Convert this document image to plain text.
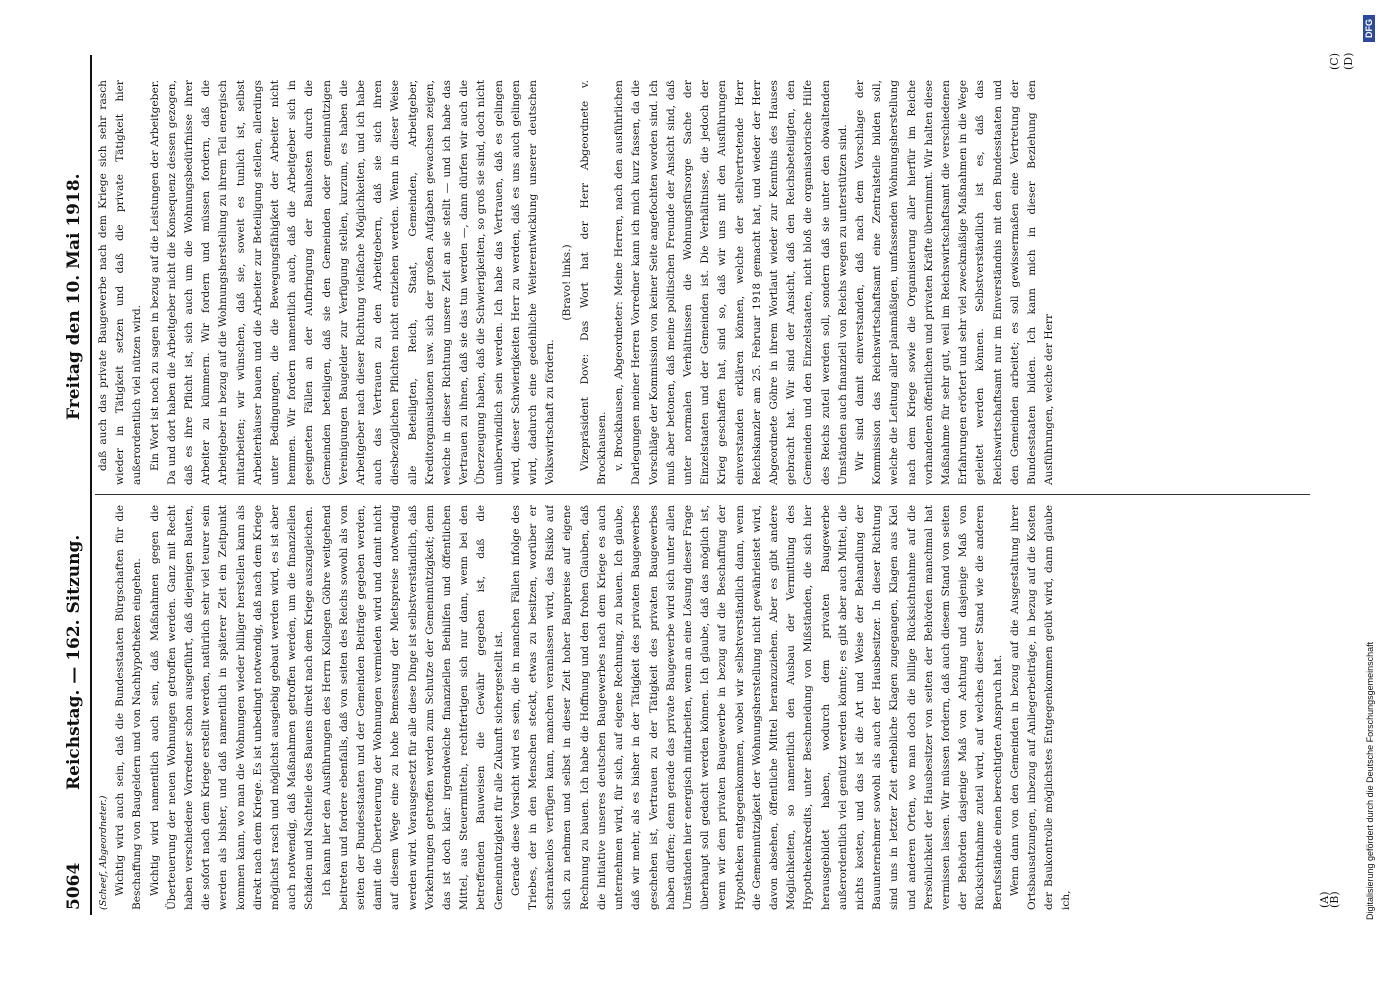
5064
Reichstag. — 162. Sitzung.
Freitag den 10. Mai 1918.
(A)

(Scheef, Abgeordneter.) Wichtig wird auch sein, daß die Bundesstaaten Bürgschaften für die Beschaffung von Baugeldern und von Nachhypotheken eingehen. Wichtig wird namentlich auch sein, daß Maßnahmen gegen die Überteuerung der neuen Wohnungen getroffen werden. Ganz mit Recht haben verschiedene Vorredner schon ausgeführt, daß diejenigen Bauten, die sofort nach dem Kriege erstellt werden, natürlich sehr viel teurer sein werden als bisher, und daß namentlich in späterer Zeit ein Zeitpunkt kommen kann, wo man die Wohnungen wieder billiger herstellen kann als direkt nach dem Kriege. Es ist unbedingt notwendig, daß nach dem Kriege möglichst rasch und möglichst ausgiebig gebaut werden wird, es ist aber auch notwendig, daß Maßnahmen getroffen werden, um die finanziellen Schäden und Nachteile des Bauens direkt nach dem Kriege auszugleichen. Ich kann hier den Ausführungen des Herrn Kollegen Göhre weitgehend beitreten und fordere ebenfalls, daß von seiten des Reichs sowohl als von seiten der Bundesstaaten und der Gemeinden Beiträge gegeben werden, damit die Überteuerung der Wohnungen vermieden wird und damit nicht auf diesem Wege eine zu hohe Bemessung der Mietspreise notwendig werden wird. Vorausgesetzt für alle diese Dinge ist selbstverständlich, daß Vorkehrungen getroffen werden zum Schutze der Gemeinnützigkeit; denn das ist doch klar: irgendwelche finanziellen Beihilfen und öffentlichen Mittel, aus Steuermitteln, rechtfertigen sich nur dann, wenn bei den betreffenden Bauweisen die Gewähr gegeben ist, daß die Gemeinnützigkeit für alle Zukunft sichergestellt ist. Gerade diese Vorsicht wird es sein, die in manchen Fällen infolge des Triebes, der in den Menschen steckt, etwas zu besitzen, worüber er schrankenlos verfügen kann, manchen veranlassen wird, das Risiko auf sich zu nehmen und selbst in dieser Zeit hoher Baupreise auf eigene Rechnung zu bauen. Ich habe die Hoffnung und den frohen Glauben, daß die Initiative unseres deutschen Baugewerbes nach dem Kriege es auch unternehmen wird, für sich, auf eigene Rechnung, zu bauen. Ich glaube, daß wir mehr, als es bisher in der Tätigkeit des privaten Baugewerbes geschehen ist, Vertrauen zu der Tätigkeit des privaten Baugewerbes haben dürfen; denn gerade das private Baugewerbe wird sich unter allen Umständen hier energisch mitarbeiten, wenn an eine Lösung dieser Frage überhaupt soll gedacht werden können. Ich glaube, daß das möglich ist, wenn wir dem privaten Baugewerbe in bezug auf die Beschaffung der Hypotheken entgegenkommen, wobei wir selbstverständlich dann, wenn die Gemeinnützigkeit der Wohnungsherstellung nicht gewährleistet wird, davon absehen, öffentliche Mittel heranzuziehen. Aber es gibt andere Möglichkeiten, so namentlich den Ausbau der Vermittlung des Hypothekenkredits, unter Beschneidung von Mißständen, die sich hier herausgebildet haben, wodurch dem privaten Baugewerbe außerordentlich viel genützt werden könnte; es gibt aber auch Mittel, die nichts kosten, und das ist die Art und Weise der Behandlung der Bauunternehmer sowohl als auch der Hausbesitzer. In dieser Richtung sind uns in letzter Zeit erhebliche Klagen zugegangen, Klagen aus Kiel und anderen Orten, wo man doch die billige Rücksichtnahme auf die Persönlichkeit der Hausbesitzer von seiten der Behörden manchmal hat vermissen lassen. Wir müssen fordern, daß auch diesem Stand von seiten der Behörden dasjenige Maß von Achtung und dasjenige Maß von Rücksichtnahme zuteil wird, auf welches dieser Stand wie die anderen Berufsstände einen berechtigten Anspruch hat. Wenn dann von den Gemeinden in bezug auf die Ausgestaltung ihrer Ortsbausatzungen, inbezug auf Anliegerbeiträge, in bezug auf die Kosten der Baukontrolle möglichstes Entgegenkommen geübt wird, dann glaube ich,

daß auch das private Baugewerbe nach dem Kriege sich sehr rasch wieder in Tätigkeit setzen und daß die private Tätigkeit hier außerordentlich viel nützen wird. Ein Wort ist noch zu sagen in bezug auf die Leistungen der Arbeitgeber. Da und dort haben die Arbeitgeber nicht die Konsequenz dessen gezogen, daß es ihre Pflicht ist, sich auch um die Wohnungsbedürfnisse ihrer Arbeiter zu kümmern. Wir fordern und müssen fordern, daß die Arbeitgeber in bezug auf die Wohnungsherstellung zu ihrem Teil energisch mitarbeiten; wir wünschen, daß sie, soweit es tunlich ist, selbst Arbeiterhäuser bauen und die Arbeiter zur Beteiligung stellen, allerdings unter Bedingungen, die die Bewegungsfähigkeit der Arbeiter nicht hemmen. Wir fordern namentlich auch, daß die Arbeitgeber sich in geeigneten Fällen an der Aufbringung der Bauhosten durch die Gemeinden beteiligen, daß sie den Gemeinden oder gemeinnützigen Vereinigungen Baugelder zur Verfügung stellen, kurzum, es haben die Arbeitgeber nach dieser Richtung vielfache Möglichkeiten, und ich habe auch das Vertrauen zu den Arbeitgebern, daß sie sich ihren diesbezüglichen Pflichten nicht entziehen werden. Wenn in dieser Weise alle Beteiligten, Reich, Staat, Gemeinden, Arbeitgeber, Kreditorganisationen usw. sich der großen Aufgaben gewachsen zeigen, welche in dieser Richtung unsere Zeit an sie stellt — und ich habe das Vertrauen zu ihnen, daß sie das tun werden —, dann dürfen wir auch die Überzeugung haben, daß die Schwierigkeiten, so groß sie sind, doch nicht unüberwindlich sein werden. Ich habe das Vertrauen, daß es gelingen wird, dieser Schwierigkeiten Herr zu werden, daß es uns auch gelingen wird, dadurch eine gedeihliche Weiterentwicklung unserer deutschen Volkswirtschaft zu fördern.

(Bravo! links.) Vizepräsident Dove: Das Wort hat der Herr Abgeordnete v. Brockhausen. v. Brockhausen, Abgeordneter: Meine Herren, nach den ausführlichen Darlegungen meiner Herren Vorredner kann ich mich kurz fassen, da die Vorschläge der Kommission von keiner Seite angefochten worden sind. Ich muß aber betonen, daß meine politischen Freunde der Ansicht sind, daß unter normalen Verhältnissen die Wohnungsfürsorge Sache der Einzelstaaten und der Gemeinden ist. Die Verhältnisse, die jedoch der Krieg geschaffen hat, sind so, daß wir uns mit den Ausführungen einverstanden erklären können, welche der stellvertretende Herr Reichskanzler am 25. Februar 1918 gemacht hat, und wieder der Herr Abgeordnete Göhre in ihrem Wortlaut wieder zur Kenntnis des Hauses gebracht hat. Wir sind der Ansicht, daß den Reichsbeteiligten, den Gemeinden und den Einzelstaaten, nicht bloß die organisatorische Hilfe des Reichs zuteil werden soll, sondern daß sie unter den obwaltenden Umständen auch finanziell von Reichs wegen zu unterstützen sind. Wir sind damit einverstanden, daß nach dem Vorschlage der Kommission das Reichswirtschaftsamt eine Zentralstelle bilden soll, welche die Leitung aller planmäßigen, umfassenden Wohnungsherstellung nach dem Kriege sowie die Organisierung aller hierfür im Reiche vorhandenen öffentlichen und privaten Kräfte übernimmt. Wir halten diese Maßnahme für sehr gut, weil im Reichswirtschaftsamt die verschiedenen Erfahrungen erörtert und sehr viel zweckmäßige Maßnahmen in die Wege geleitet werden können. Selbstverständlich ist es, daß das Reichswirtschaftsamt nur im Einverständnis mit den Bundesstaaten und den Gemeinden arbeitet; es soll gewissermaßen eine Vertretung der Bundesstaaten bilden. Ich kann mich in dieser Beziehung den Ausführungen, welche der Herr

(B)
(C) (D)
Digitalisierung gefördert durch die Deutsche Forschungsgemeinschaft
DFG
